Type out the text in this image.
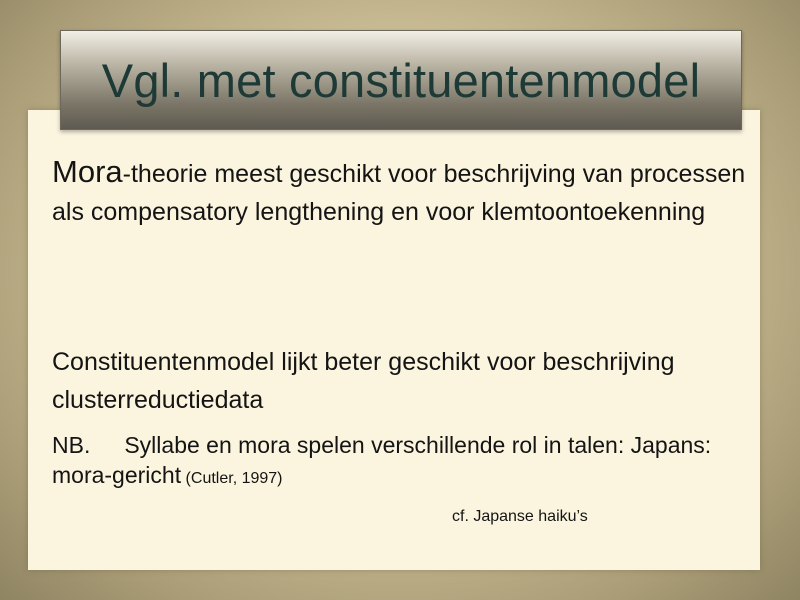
Vgl. met constituentenmodel
Mora-theorie meest geschikt voor beschrijving van processen als compensatory lengthening en voor klemtoontoekenning
Constituentenmodel lijkt beter geschikt voor beschrijving clusterreductiedata
NB. Syllabe en mora spelen verschillende rol in talen: Japans: mora-gericht (Cutler, 1997)
cf. Japanse haiku’s
